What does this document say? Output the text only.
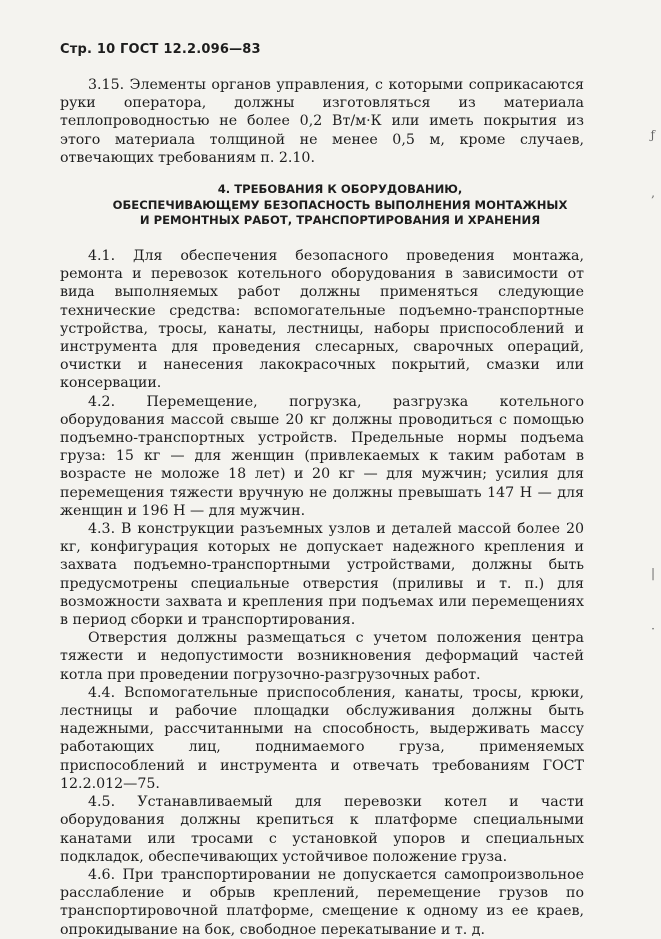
Стр. 10 ГОСТ 12.2.096—83

3.15. Элементы органов управления, с которыми соприкасаются руки оператора, должны изготовляться из материала теплопроводностью не более 0,2 Вт/м·К или иметь покрытия из этого материала толщиной не менее 0,5 м, кроме случаев, отвечающих требованиям п. 2.10.

4. ТРЕБОВАНИЯ К ОБОРУДОВАНИЮ,
ОБЕСПЕЧИВАЮЩЕМУ БЕЗОПАСНОСТЬ ВЫПОЛНЕНИЯ МОНТАЖНЫХ
И РЕМОНТНЫХ РАБОТ, ТРАНСПОРТИРОВАНИЯ И ХРАНЕНИЯ

4.1. Для обеспечения безопасного проведения монтажа, ремонта и перевозок котельного оборудования в зависимости от вида выполняемых работ должны применяться следующие технические средства: вспомогательные подъемно-транспортные устройства, тросы, канаты, лестницы, наборы приспособлений и инструмента для проведения слесарных, сварочных операций, очистки и нанесения лакокрасочных покрытий, смазки или консервации.

4.2. Перемещение, погрузка, разгрузка котельного оборудования массой свыше 20 кг должны проводиться с помощью подъемно-транспортных устройств. Предельные нормы подъема груза: 15 кг — для женщин (привлекаемых к таким работам в возрасте не моложе 18 лет) и 20 кг — для мужчин; усилия для перемещения тяжести вручную не должны превышать 147 Н — для женщин и 196 Н — для мужчин.

4.3. В конструкции разъемных узлов и деталей массой более 20 кг, конфигурация которых не допускает надежного крепления и захвата подъемно-транспортными устройствами, должны быть предусмотрены специальные отверстия (приливы и т. п.) для возможности захвата и крепления при подъемах или перемещениях в период сборки и транспортирования.

Отверстия должны размещаться с учетом положения центра тяжести и недопустимости возникновения деформаций частей котла при проведении погрузочно-разгрузочных работ.

4.4. Вспомогательные приспособления, канаты, тросы, крюки, лестницы и рабочие площадки обслуживания должны быть надежными, рассчитанными на способность, выдерживать массу работающих лиц, поднимаемого груза, применяемых приспособлений и инструмента и отвечать требованиям ГОСТ 12.2.012—75.

4.5. Устанавливаемый для перевозки котел и части оборудования должны крепиться к платформе специальными канатами или тросами с установкой упоров и специальных подкладок, обеспечивающих устойчивое положение груза.

4.6. При транспортировании не допускается самопроизвольное расслабление и обрыв креплений, перемещение грузов по транспортировочной платформе, смещение к одному из ее краев, опрокидывание на бок, свободное перекатывание и т. д.

ƒ
,
|
·
